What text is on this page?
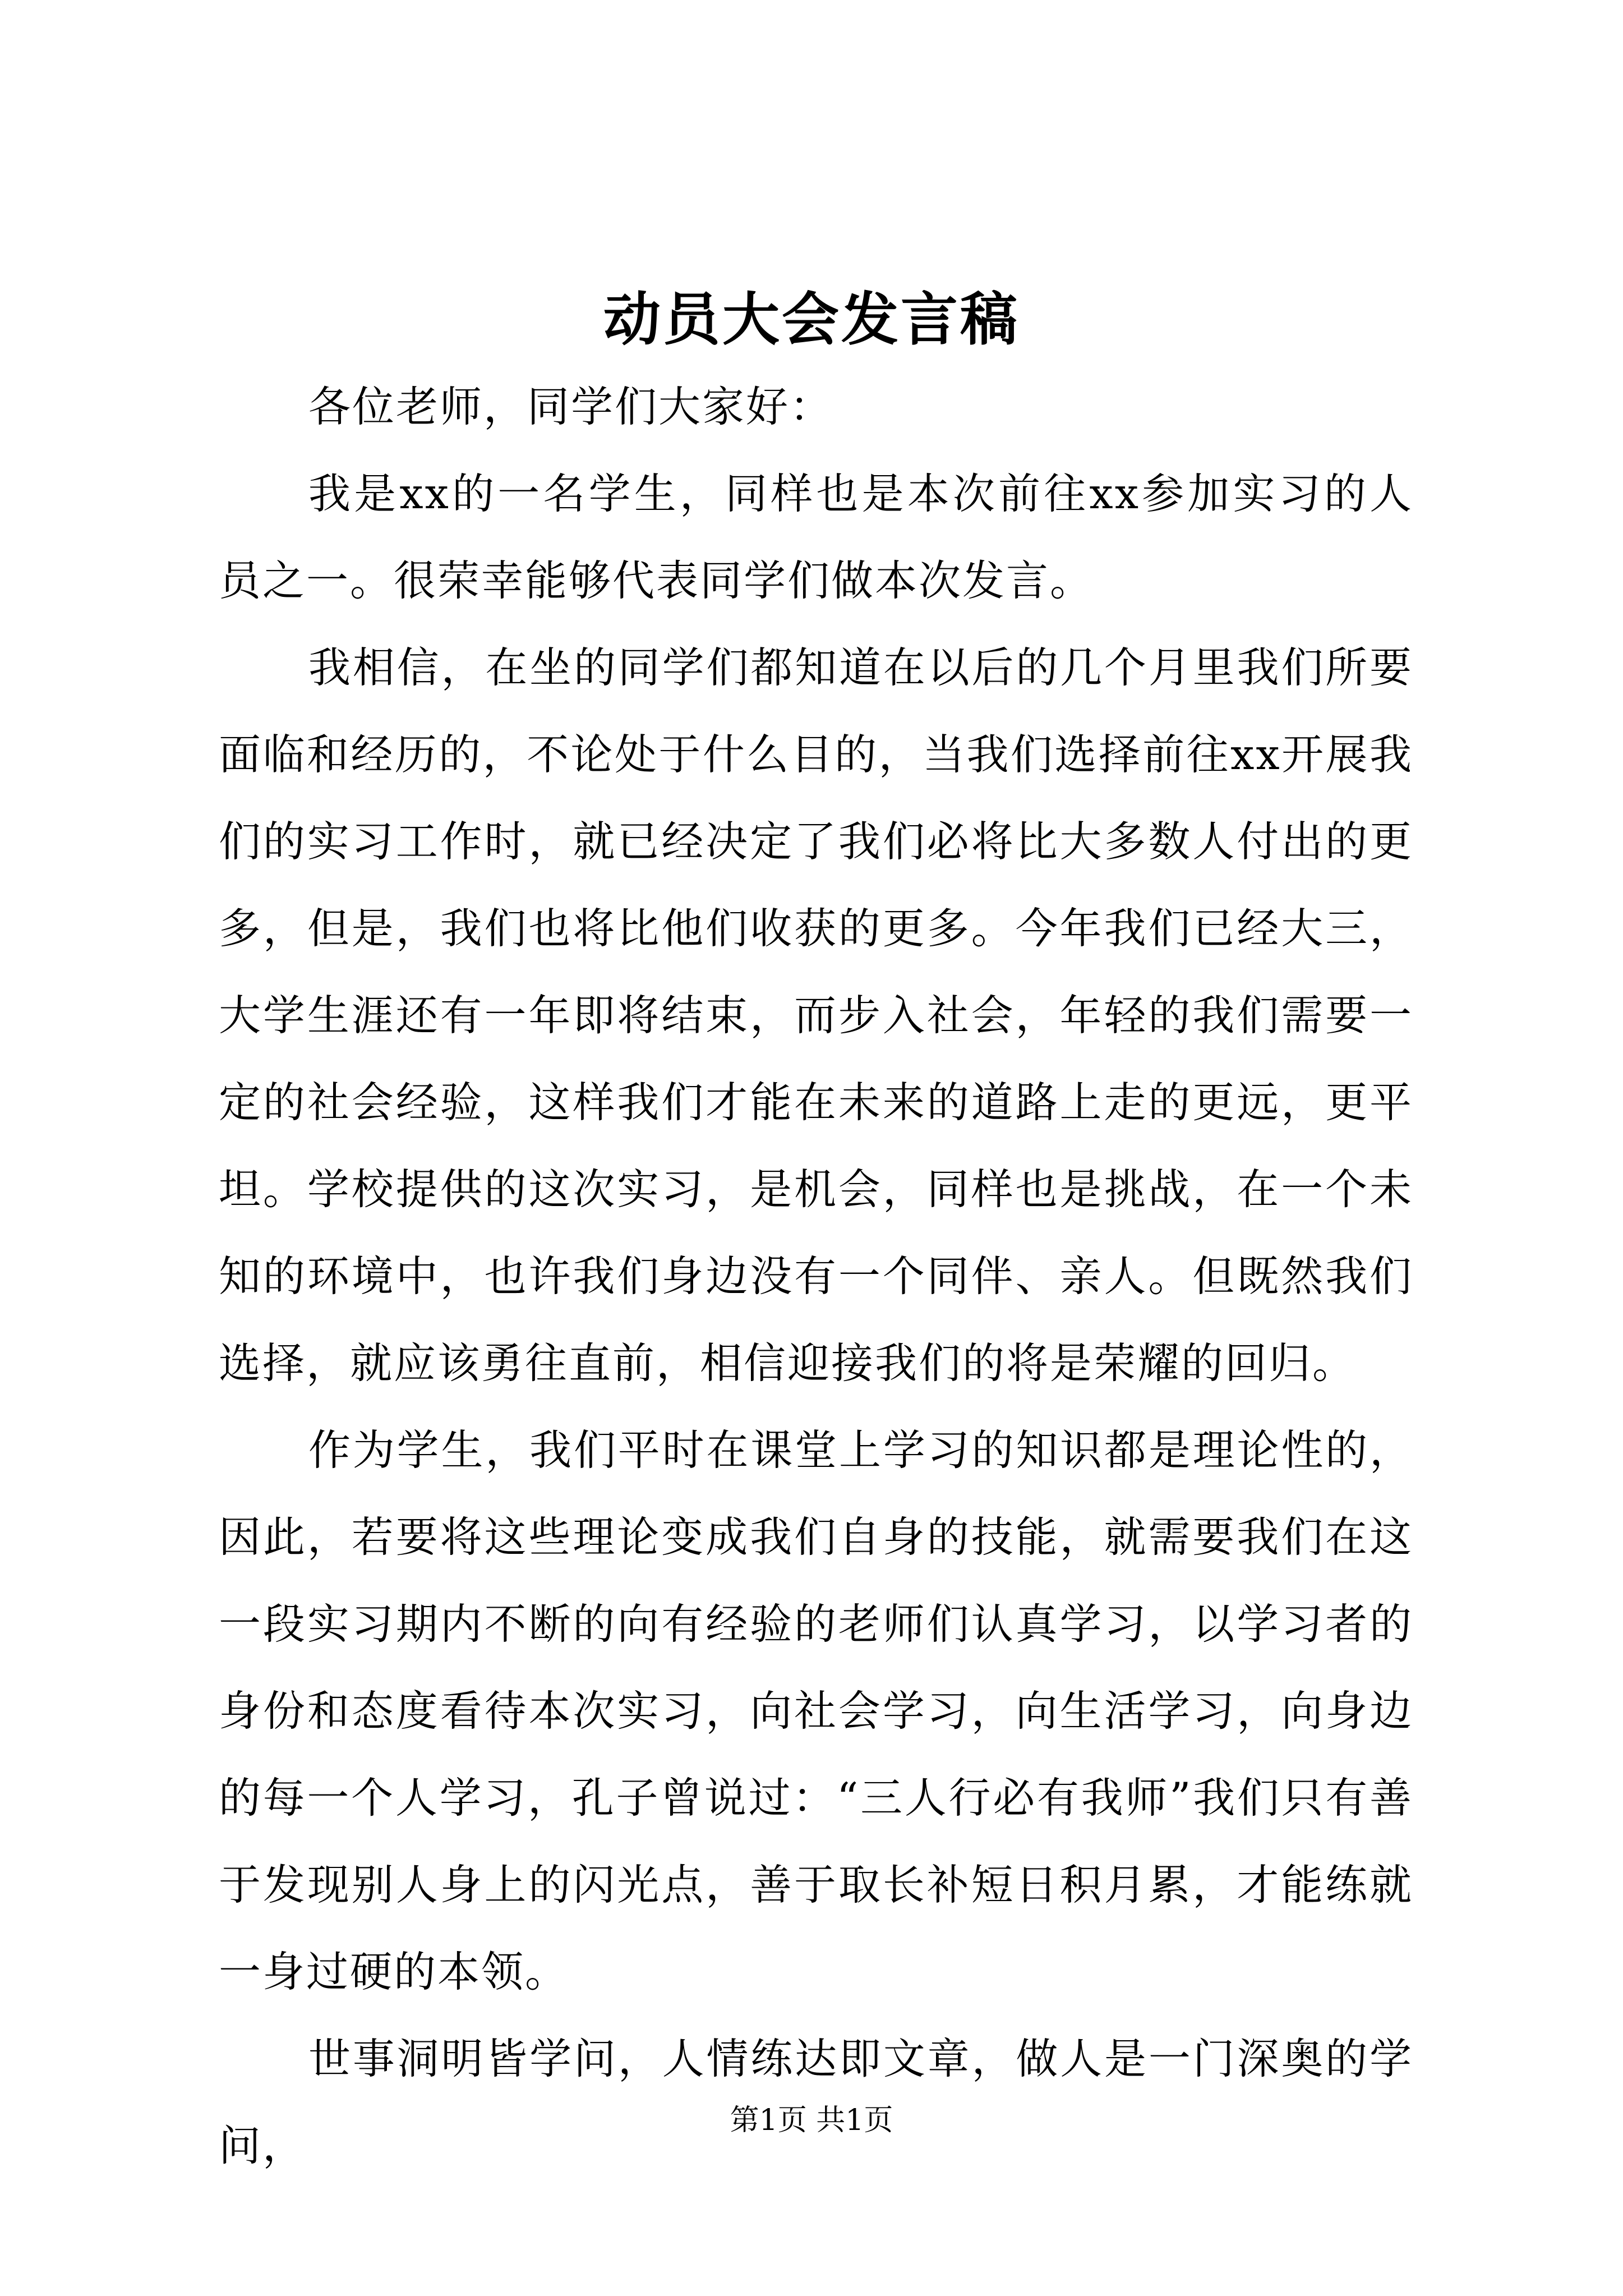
动员大会发言稿

各位老师，同学们大家好：

我是xx的一名学生，同样也是本次前往xx参加实习的人员之一。很荣幸能够代表同学们做本次发言。

我相信，在坐的同学们都知道在以后的几个月里我们所要面临和经历的，不论处于什么目的，当我们选择前往xx开展我们的实习工作时，就已经决定了我们必将比大多数人付出的更多，但是，我们也将比他们收获的更多。今年我们已经大三，大学生涯还有一年即将结束，而步入社会，年轻的我们需要一定的社会经验，这样我们才能在未来的道路上走的更远，更平坦。学校提供的这次实习，是机会，同样也是挑战，在一个未知的环境中，也许我们身边没有一个同伴、亲人。但既然我们选择，就应该勇往直前，相信迎接我们的将是荣耀的回归。

作为学生，我们平时在课堂上学习的知识都是理论性的，因此，若要将这些理论变成我们自身的技能，就需要我们在这一段实习期内不断的向有经验的老师们认真学习，以学习者的身份和态度看待本次实习，向社会学习，向生活学习，向身边的每一个人学习，孔子曾说过：“三人行必有我师”我们只有善于发现别人身上的闪光点，善于取长补短日积月累，才能练就一身过硬的本领。

世事洞明皆学问，人情练达即文章，做人是一门深奥的学问，

第1页 共1页
